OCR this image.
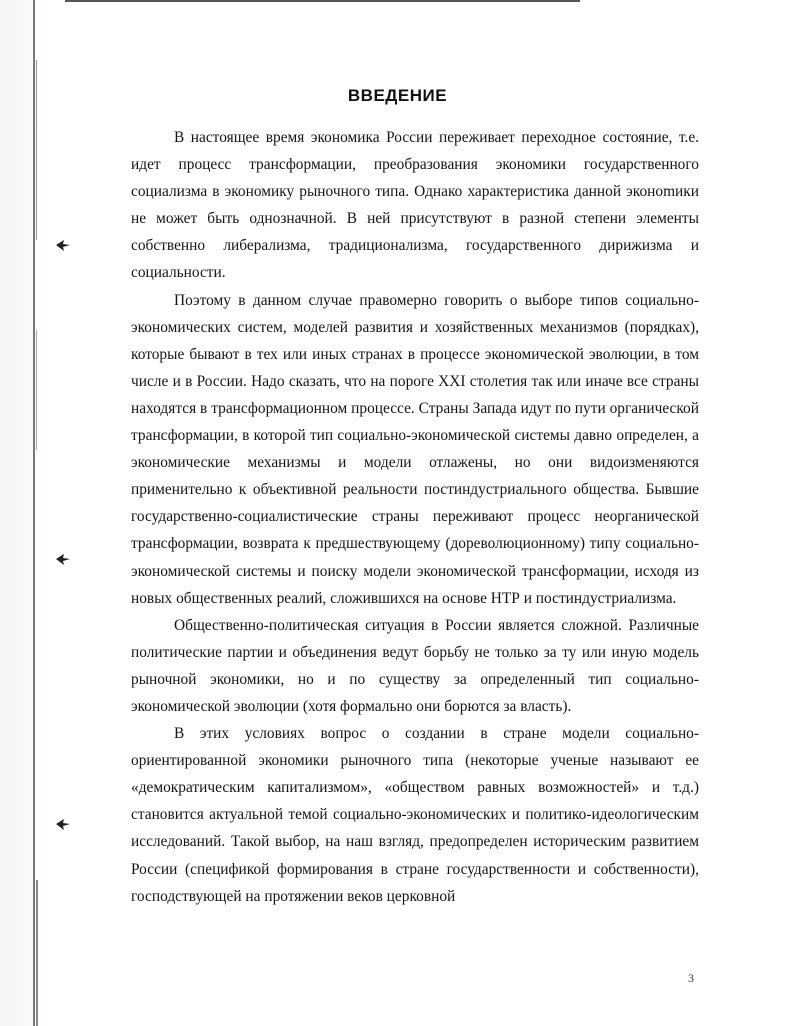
ВВЕДЕНИЕ

В настоящее время экономика России переживает переходное состояние, т.е. идет процесс трансформации, преобразования экономики государственного социализма в экономику рыночного типа. Однако характеристика данной эконоmики не может быть однозначной. В ней присутствуют в разной степени элементы собственно либерализма, традиционализма, государственного дирижизма и социальности.

Поэтому в данном случае правомерно говорить о выборе типов социально-экономических систем, моделей развития и хозяйственных механизмов (порядках), которые бывают в тех или иных странах в процессе экономической эволюции, в том числе и в России. Надо сказать, что на пороге XXI столетия так или иначе все страны находятся в трансформационном процессе. Страны Запада идут по пути органической трансформации, в которой тип социально-экономической системы давно определен, а экономические механизмы и модели отлажены, но они видоизменяются применительно к объективной реальности постиндустриального общества. Бывшие государственно-социалистические страны переживают процесс неорганической трансформации, возврата к предшествующему (дореволюционному) типу социально-экономической системы и поиску модели экономической трансформации, исходя из новых общественных реалий, сложившихся на основе НТР и постиндустриализма.

Общественно-политическая ситуация в России является сложной. Различные политические партии и объединения ведут борьбу не только за ту или иную модель рыночной экономики, но и по существу за определенный тип социально-экономической эволюции (хотя формально они борются за власть).

В этих условиях вопрос о создании в стране модели социально-ориентированной экономики рыночного типа (некоторые ученые называют ее «демократическим капитализмом», «обществом равных возможностей» и т.д.) становится актуальной темой социально-экономических и политико-идеологическим исследований. Такой выбор, на наш взгляд, предопределен историческим развитием России (спецификой формирования в стране государственности и собственности), господствующей на протяжении веков церковной

3
